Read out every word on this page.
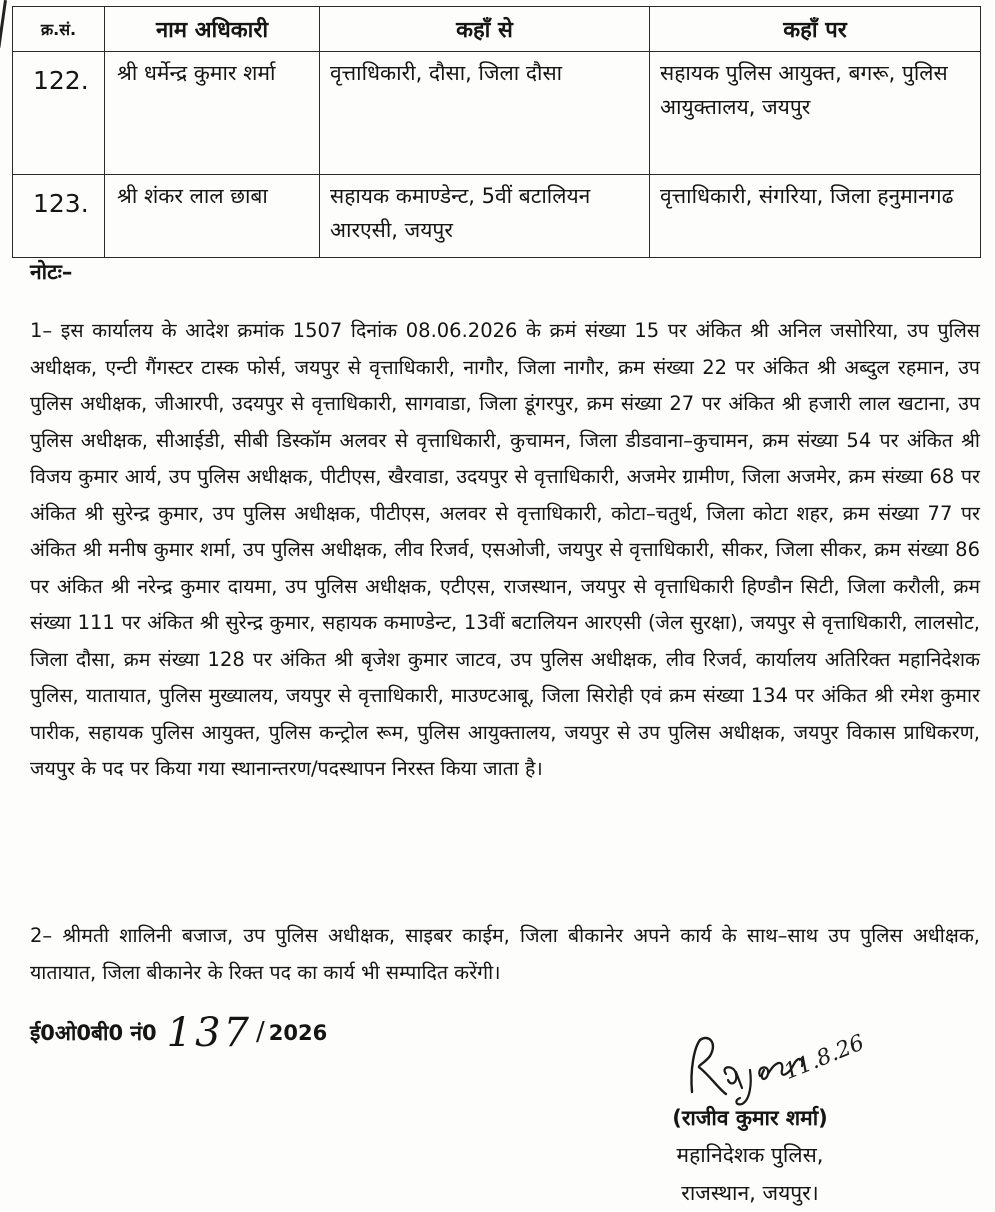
क्र.सं.	नाम अधिकारी	कहाँ से	कहाँ पर
122.	श्री धर्मेन्द्र कुमार शर्मा	वृत्ताधिकारी, दौसा, जिला दौसा	सहायक पुलिस आयुक्त, बगरू, पुलिस आयुक्तालय, जयपुर
123.	श्री शंकर लाल छाबा	सहायक कमाण्डेन्ट, 5वीं बटालियन आरएसी, जयपुर	वृत्ताधिकारी, संगरिया, जिला हनुमानगढ
नोटः–

1– इस कार्यालय के आदेश क्रमांक 1507 दिनांक 08.06.2026 के क्रमं संख्या 15 पर अंकित श्री अनिल जसोरिया, उप पुलिस अधीक्षक, एन्टी गैंगस्टर टास्क फोर्स, जयपुर से वृत्ताधिकारी, नागौर, जिला नागौर, क्रम संख्या 22 पर अंकित श्री अब्दुल रहमान, उप पुलिस अधीक्षक, जीआरपी, उदयपुर से वृत्ताधिकारी, सागवाडा, जिला डूंगरपुर, क्रम संख्या 27 पर अंकित श्री हजारी लाल खटाना, उप पुलिस अधीक्षक, सीआईडी, सीबी डिस्कॉम अलवर से वृत्ताधिकारी, कुचामन, जिला डीडवाना–कुचामन, क्रम संख्या 54 पर अंकित श्री विजय कुमार आर्य, उप पुलिस अधीक्षक, पीटीएस, खैरवाडा, उदयपुर से वृत्ताधिकारी, अजमेर ग्रामीण, जिला अजमेर, क्रम संख्या 68 पर अंकित श्री सुरेन्द्र कुमार, उप पुलिस अधीक्षक, पीटीएस, अलवर से वृत्ताधिकारी, कोटा–चतुर्थ, जिला कोटा शहर, क्रम संख्या 77 पर अंकित श्री मनीष कुमार शर्मा, उप पुलिस अधीक्षक, लीव रिजर्व, एसओजी, जयपुर से वृत्ताधिकारी, सीकर, जिला सीकर, क्रम संख्या 86 पर अंकित श्री नरेन्द्र कुमार दायमा, उप पुलिस अधीक्षक, एटीएस, राजस्थान, जयपुर से वृत्ताधिकारी हिण्डौन सिटी, जिला करौली, क्रम संख्या 111 पर अंकित श्री सुरेन्द्र कुमार, सहायक कमाण्डेन्ट, 13वीं बटालियन आरएसी (जेल सुरक्षा), जयपुर से वृत्ताधिकारी, लालसोट, जिला दौसा, क्रम संख्या 128 पर अंकित श्री बृजेश कुमार जाटव, उप पुलिस अधीक्षक, लीव रिजर्व, कार्यालय अतिरिक्त महानिदेशक पुलिस, यातायात, पुलिस मुख्यालय, जयपुर से वृत्ताधिकारी, माउण्टआबू, जिला सिरोही एवं क्रम संख्या 134 पर अंकित श्री रमेश कुमार पारीक, सहायक पुलिस आयुक्त, पुलिस कन्ट्रोल रूम, पुलिस आयुक्तालय, जयपुर से उप पुलिस अधीक्षक, जयपुर विकास प्राधिकरण, जयपुर के पद पर किया गया स्थानान्तरण/पदस्थापन निरस्त किया जाता है।

2– श्रीमती शालिनी बजाज, उप पुलिस अधीक्षक, साइबर काईम, जिला बीकानेर अपने कार्य के साथ–साथ उप पुलिस अधीक्षक, यातायात, जिला बीकानेर के रिक्त पद का कार्य भी सम्पादित करेंगी।

ई0ओ0बी0 नं0 137 / 2026	11.8.26
(राजीव कुमार शर्मा)
महानिदेशक पुलिस,
राजस्थान, जयपुर।
